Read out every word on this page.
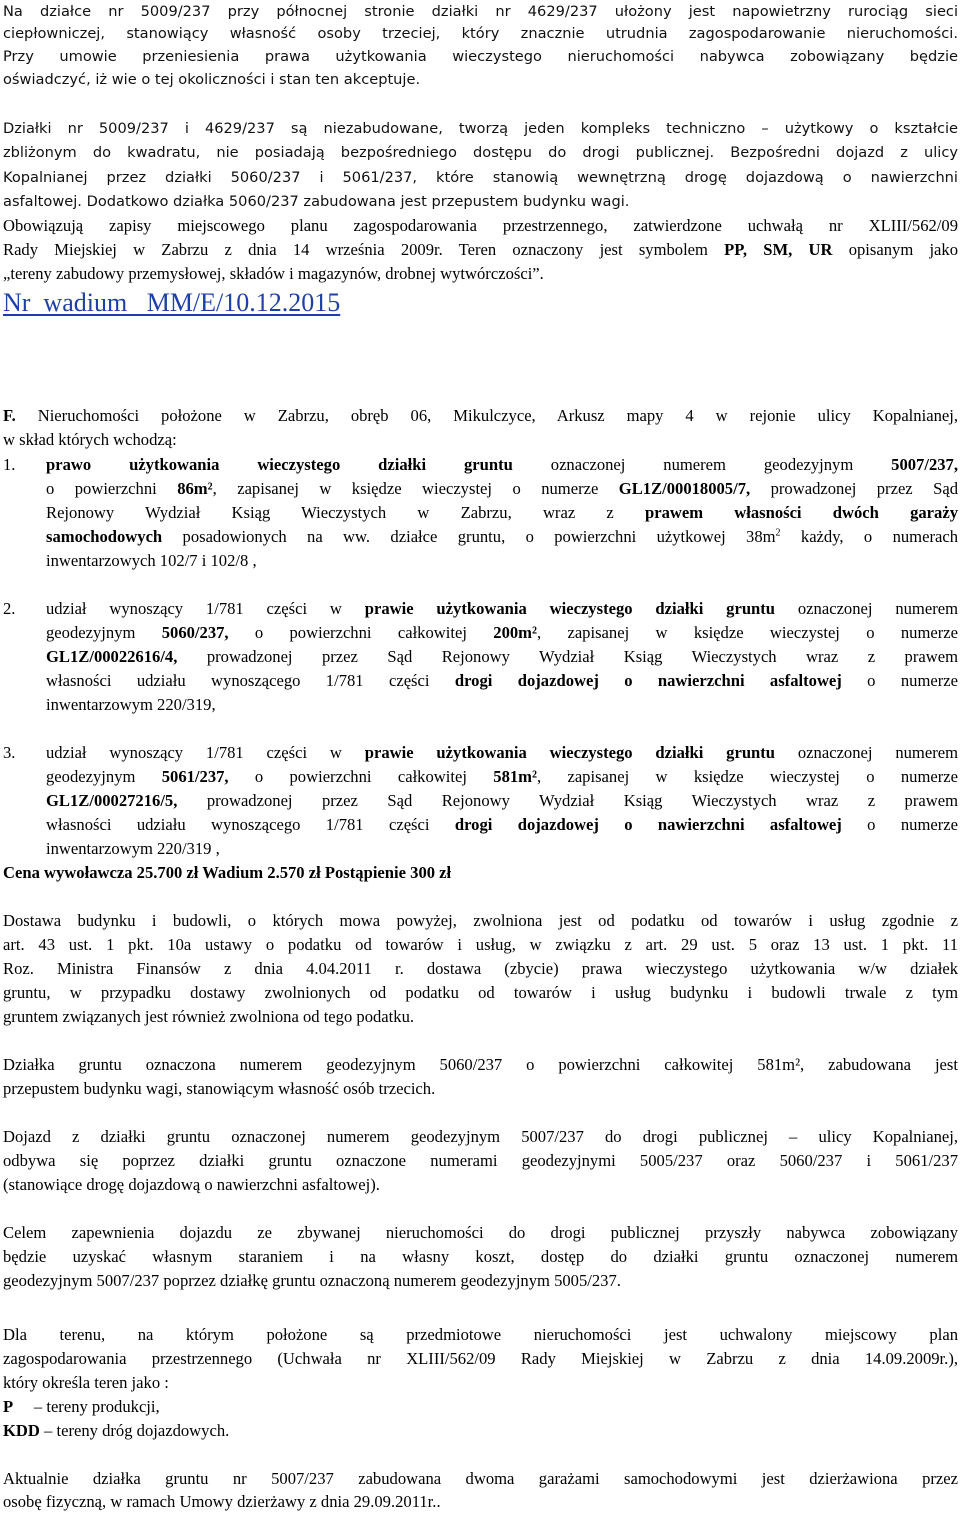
Na działce nr 5009/237 przy północnej stronie działki nr 4629/237 ułożony jest napowietrzny rurociąg sieci
ciepłowniczej, stanowiący własność osoby trzeciej, który znacznie utrudnia zagospodarowanie nieruchomości.
Przy umowie przeniesienia prawa użytkowania wieczystego nieruchomości nabywca zobowiązany będzie
oświadczyć, iż wie o tej okoliczności i stan ten akceptuje.
Działki nr 5009/237 i 4629/237 są niezabudowane, tworzą jeden kompleks techniczno – użytkowy o kształcie
zbliżonym do kwadratu, nie posiadają bezpośredniego dostępu do drogi publicznej. Bezpośredni dojazd z ulicy
Kopalnianej przez działki 5060/237 i 5061/237, które stanowią wewnętrzną drogę dojazdową o nawierzchni
asfaltowej. Dodatkowo działka 5060/237 zabudowana jest przepustem budynku wagi.
Obowiązują zapisy miejscowego planu zagospodarowania przestrzennego, zatwierdzone uchwałą nr XLIII/562/09
Rady Miejskiej w Zabrzu z dnia 14 września 2009r. Teren oznaczony jest symbolem PP, SM, UR opisanym jako
„tereny zabudowy przemysłowej, składów i magazynów, drobnej wytwórczości”.
Nr  wadium   MM/E/10.12.2015
F. Nieruchomości położone w Zabrzu, obręb 06, Mikulczyce, Arkusz mapy 4 w rejonie ulicy Kopalnianej,
w skład których wchodzą:
1. prawo użytkowania wieczystego działki gruntu oznaczonej numerem geodezyjnym 5007/237,
o powierzchni 86m², zapisanej w księdze wieczystej o numerze GL1Z/00018005/7, prowadzonej przez Sąd
Rejonowy Wydział Ksiąg Wieczystych w Zabrzu, wraz z prawem własności dwóch garaży
samochodowych posadowionych na ww. działce gruntu, o powierzchni użytkowej $38m^2$ każdy, o numerach
inwentarzowych 102/7 i 102/8 ,
2. udział wynoszący 1/781 części w prawie użytkowania wieczystego działki gruntu oznaczonej numerem
geodezyjnym 5060/237, o powierzchni całkowitej 200m², zapisanej w księdze wieczystej o numerze
GL1Z/00022616/4, prowadzonej przez Sąd Rejonowy Wydział Ksiąg Wieczystych wraz z prawem
własności udziału wynoszącego 1/781 części drogi dojazdowej o nawierzchni asfaltowej o numerze
inwentarzowym 220/319,
3. udział wynoszący 1/781 części w prawie użytkowania wieczystego działki gruntu oznaczonej numerem
geodezyjnym 5061/237, o powierzchni całkowitej 581m², zapisanej w księdze wieczystej o numerze
GL1Z/00027216/5, prowadzonej przez Sąd Rejonowy Wydział Ksiąg Wieczystych wraz z prawem
własności udziału wynoszącego 1/781 części drogi dojazdowej o nawierzchni asfaltowej o numerze
inwentarzowym 220/319 ,
Cena wywoławcza 25.700 zł Wadium 2.570 zł Postąpienie 300 zł
Dostawa budynku i budowli, o których mowa powyżej, zwolniona jest od podatku od towarów i usług zgodnie z
art. 43 ust. 1 pkt. 10a ustawy o podatku od towarów i usług, w związku z art. 29 ust. 5 oraz 13 ust. 1 pkt. 11
Roz. Ministra Finansów z dnia 4.04.2011 r. dostawa (zbycie) prawa wieczystego użytkowania w/w działek
gruntu, w przypadku dostawy zwolnionych od podatku od towarów i usług budynku i budowli trwale z tym
gruntem związanych jest również zwolniona od tego podatku.
Działka gruntu oznaczona numerem geodezyjnym 5060/237 o powierzchni całkowitej 581m², zabudowana jest
przepustem budynku wagi, stanowiącym własność osób trzecich.
Dojazd z działki gruntu oznaczonej numerem geodezyjnym 5007/237 do drogi publicznej – ulicy Kopalnianej,
odbywa się poprzez działki gruntu oznaczone numerami geodezyjnymi 5005/237 oraz 5060/237 i 5061/237
(stanowiące drogę dojazdową o nawierzchni asfaltowej).
Celem zapewnienia dojazdu ze zbywanej nieruchomości do drogi publicznej przyszły nabywca zobowiązany
będzie uzyskać własnym staraniem i na własny koszt, dostęp do działki gruntu oznaczonej numerem
geodezyjnym 5007/237 poprzez działkę gruntu oznaczoną numerem geodezyjnym 5005/237.
Dla terenu, na którym położone są przedmiotowe nieruchomości jest uchwalony miejscowy plan
zagospodarowania przestrzennego (Uchwała nr XLIII/562/09 Rady Miejskiej w Zabrzu z dnia 14.09.2009r.),
który określa teren jako :
P     – tereny produkcji,
KDD – tereny dróg dojazdowych.
Aktualnie działka gruntu nr 5007/237 zabudowana dwoma garażami samochodowymi jest dzierżawiona przez
osobę fizyczną, w ramach Umowy dzierżawy z dnia 29.09.2011r..
